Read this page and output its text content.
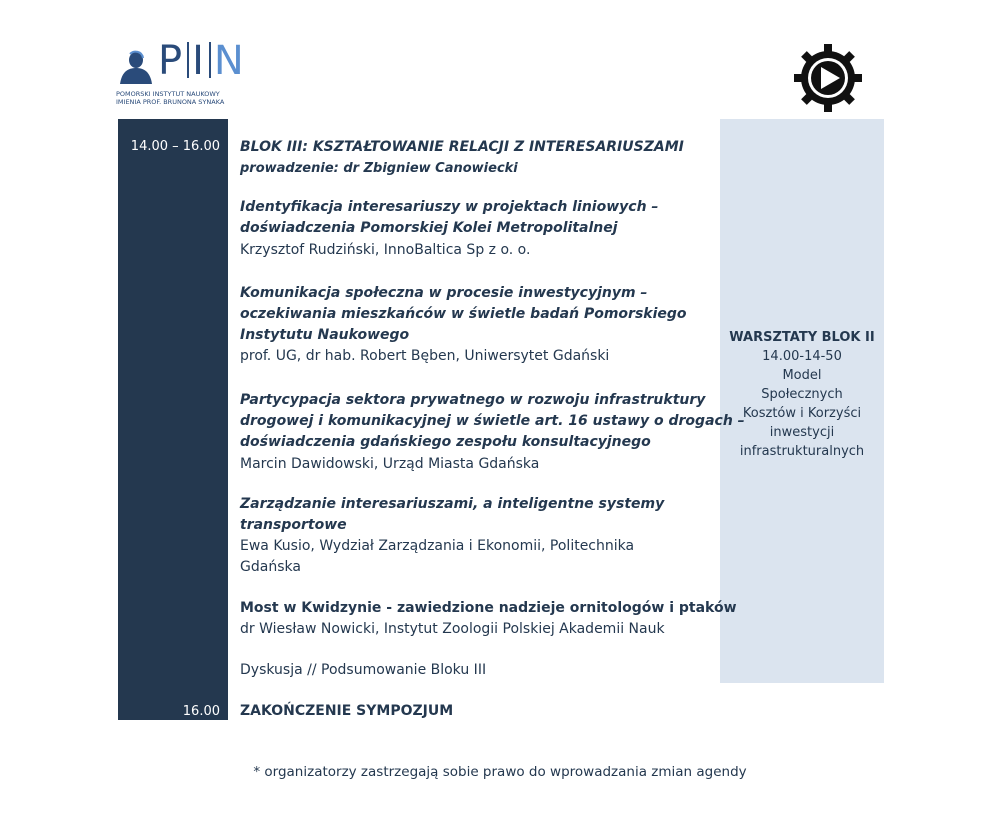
P I N
POMORSKI INSTYTUT NAUKOWY
IMIENIA PROF. BRUNONA SYNAKA
14.00 – 16.00
16.00
WARSZTATY BLOK II
14.00-14-50
Model
Społecznych
Kosztów i Korzyści
inwestycji
infrastrukturalnych
BLOK III: KSZTAŁTOWANIE RELACJI Z INTERESARIUSZAMI
prowadzenie: dr Zbigniew Canowiecki
Identyfikacja interesariuszy w projektach liniowych –
doświadczenia Pomorskiej Kolei Metropolitalnej
Krzysztof Rudziński, InnoBaltica Sp z o. o.
Komunikacja społeczna w procesie inwestycyjnym –
oczekiwania mieszkańców w świetle badań Pomorskiego
Instytutu Naukowego
prof. UG, dr hab. Robert Bęben, Uniwersytet Gdański
Partycypacja sektora prywatnego w rozwoju infrastruktury
drogowej i komunikacyjnej w świetle art. 16 ustawy o drogach –
doświadczenia gdańskiego zespołu konsultacyjnego
Marcin Dawidowski, Urząd Miasta Gdańska
Zarządzanie interesariuszami, a inteligentne systemy
transportowe
Ewa Kusio, Wydział Zarządzania i Ekonomii, Politechnika
Gdańska
Most w Kwidzynie - zawiedzione nadzieje ornitologów i ptaków
dr Wiesław Nowicki, Instytut Zoologii Polskiej Akademii Nauk
Dyskusja // Podsumowanie Bloku III
ZAKOŃCZENIE SYMPOZJUM
* organizatorzy zastrzegają sobie prawo do wprowadzania zmian agendy
